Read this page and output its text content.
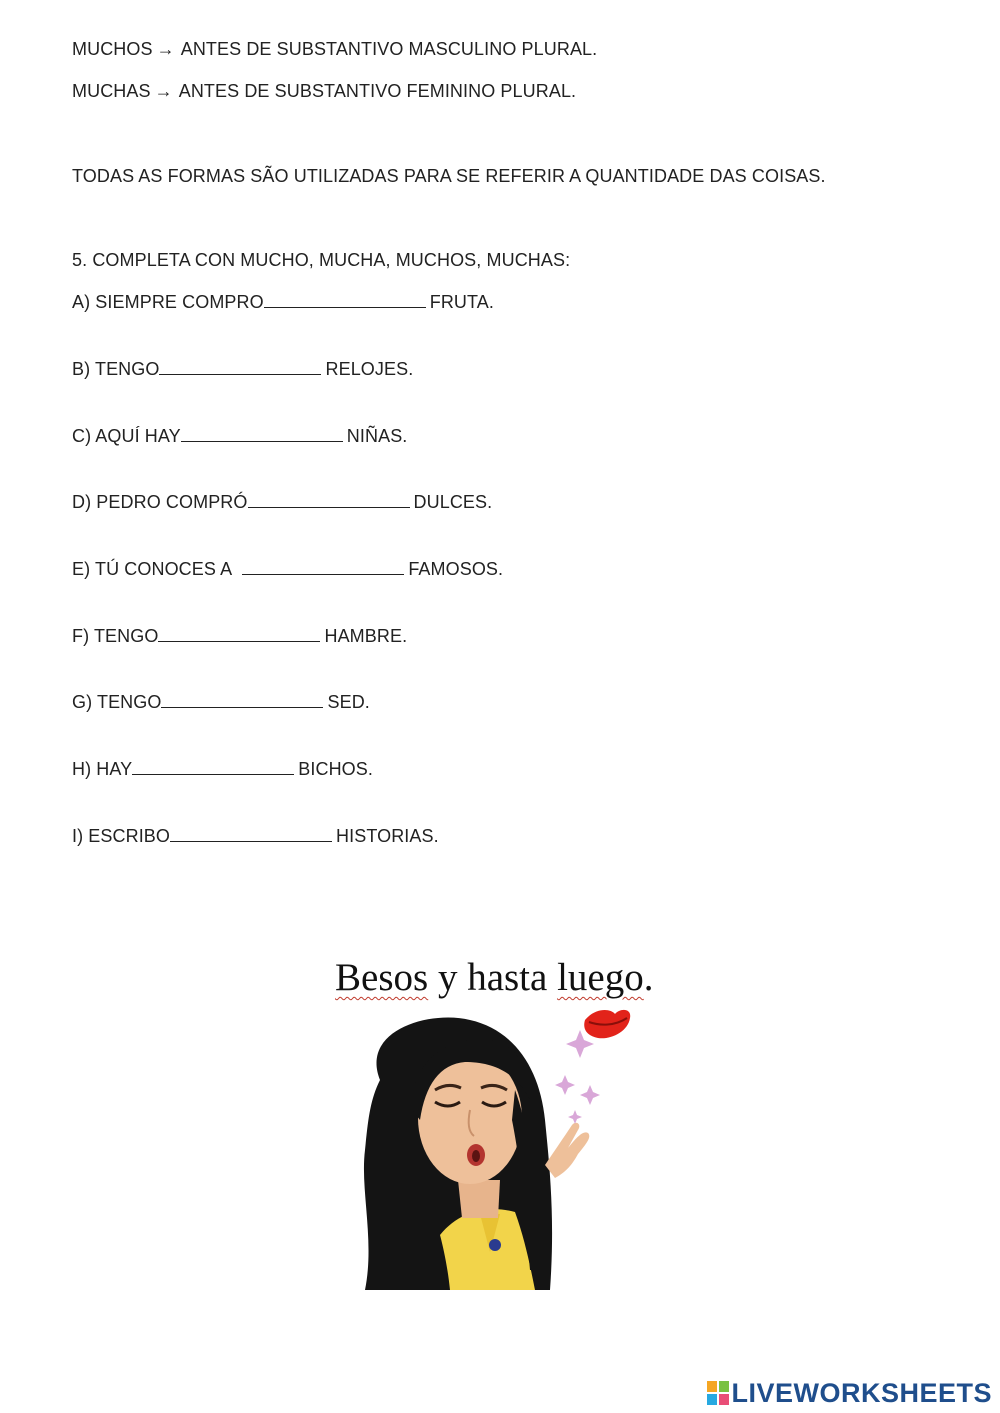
MUCHOS → ANTES DE SUBSTANTIVO MASCULINO PLURAL.
MUCHAS → ANTES DE SUBSTANTIVO FEMININO PLURAL.
TODAS AS FORMAS SÃO UTILIZADAS PARA SE REFERIR A QUANTIDADE DAS COISAS.
5. COMPLETA CON MUCHO, MUCHA, MUCHOS, MUCHAS:
A) SIEMPRE COMPRO	FRUTA.
B) TENGO	RELOJES.
C) AQUÍ HAY	NIÑAS.
D) PEDRO COMPRÓ	DULCES.
E) TÚ CONOCES A	FAMOSOS.
F) TENGO	HAMBRE.
G) TENGO	SED.
H) HAY	BICHOS.
I) ESCRIBO	HISTORIAS.
Besos y hasta luego.
LIVEWORKSHEETS
